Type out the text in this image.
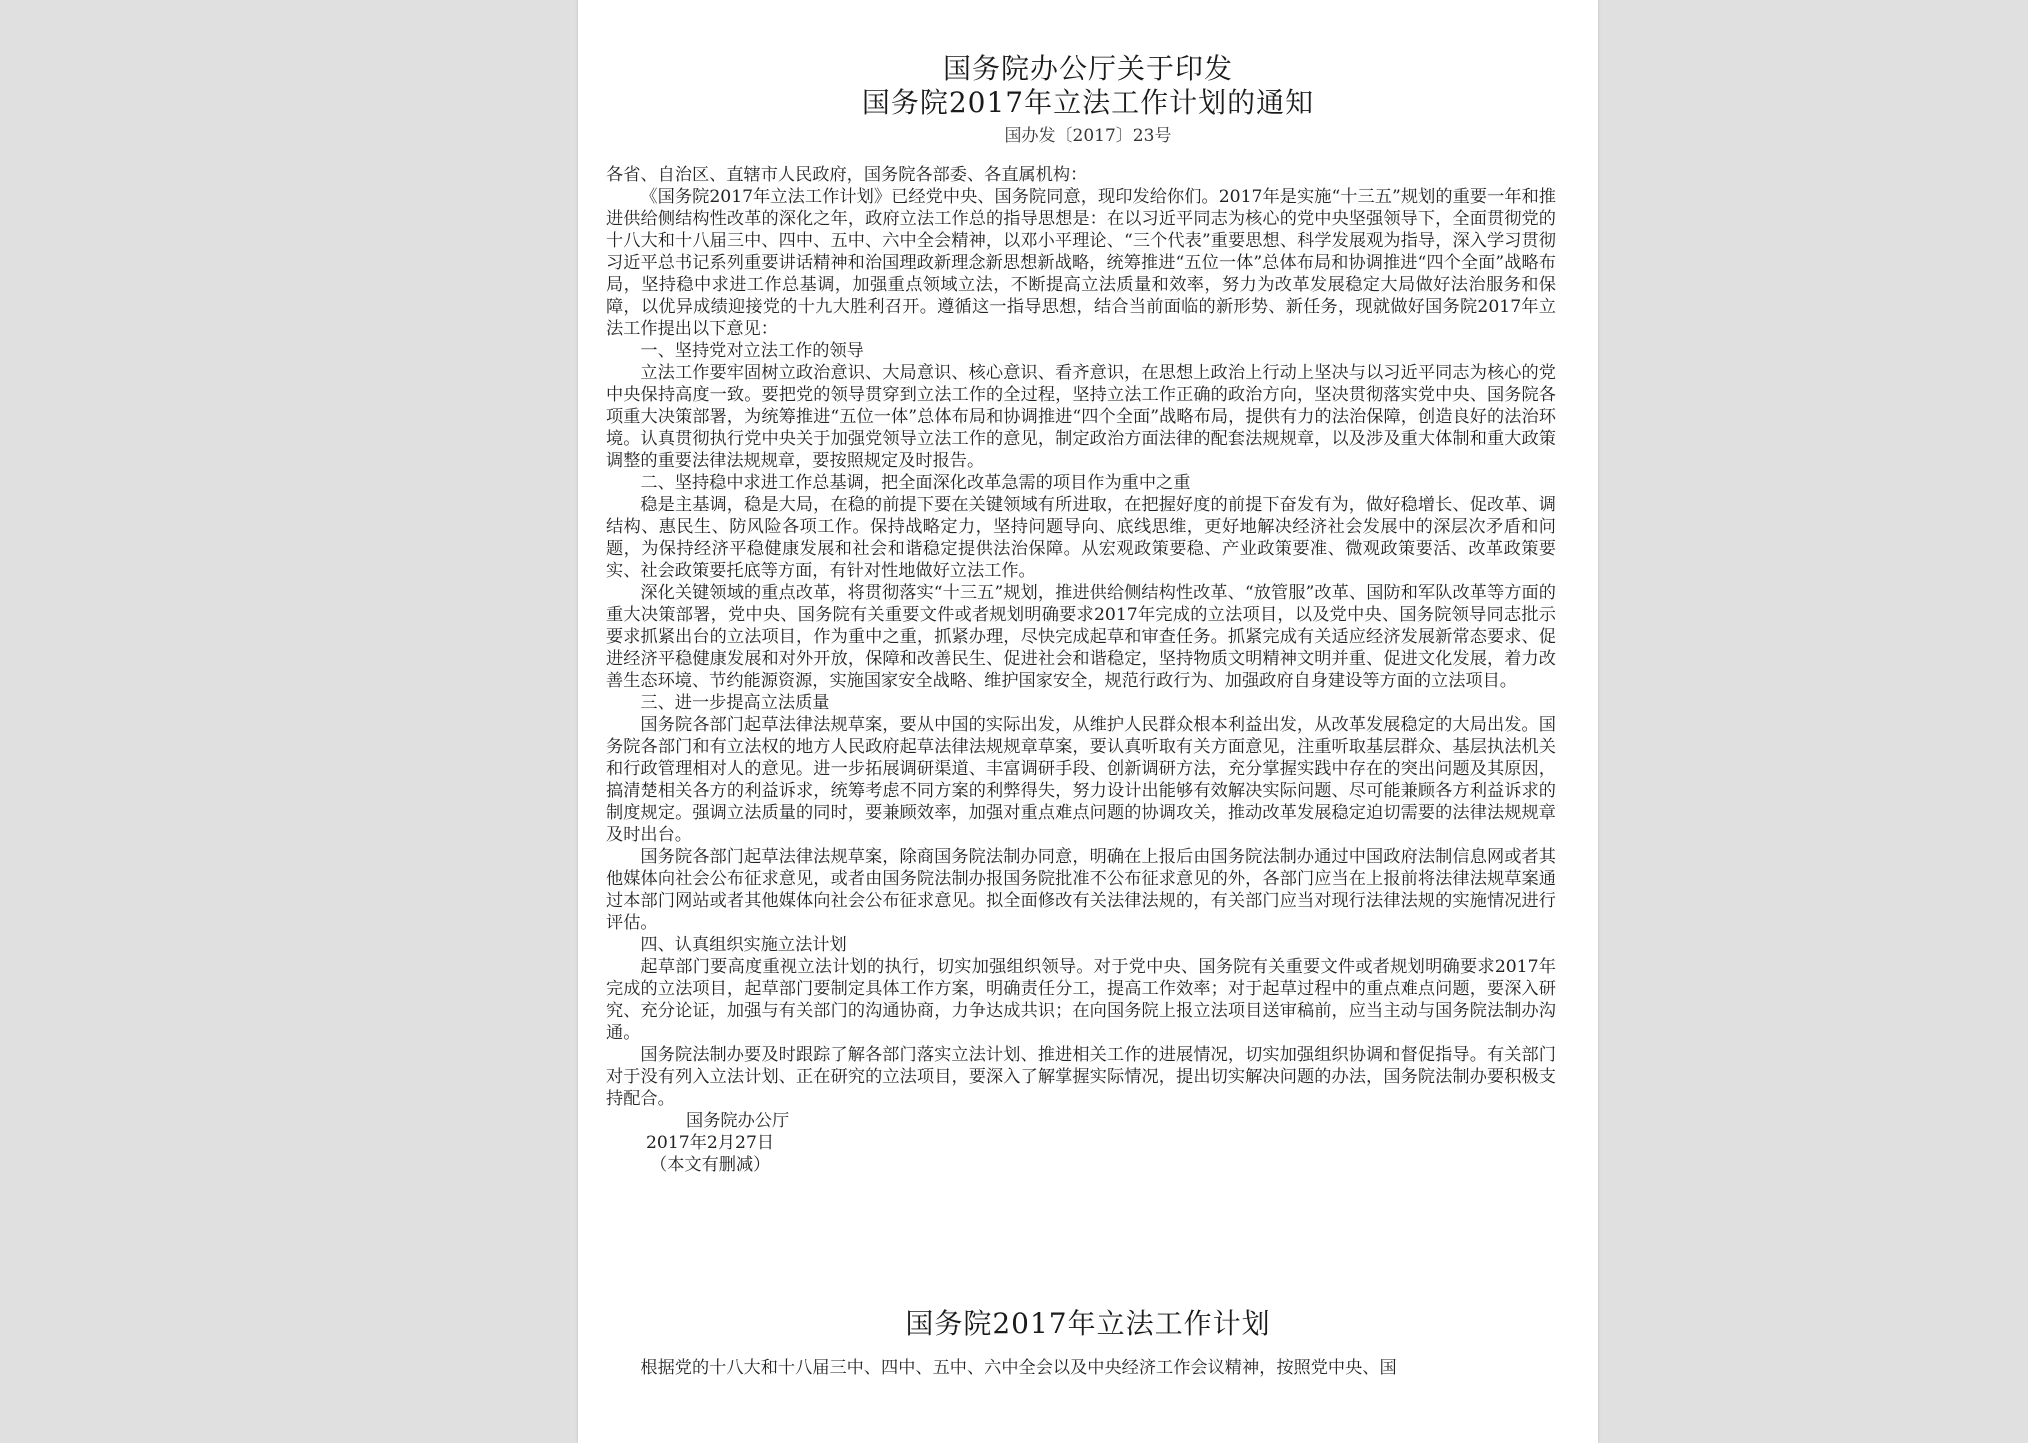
国务院办公厅关于印发
国务院2017年立法工作计划的通知
国办发〔2017〕23号

各省、自治区、直辖市人民政府，国务院各部委、各直属机构：

《国务院2017年立法工作计划》已经党中央、国务院同意，现印发给你们。2017年是实施“十三五”规划的重要一年和推进供给侧结构性改革的深化之年，政府立法工作总的指导思想是：在以习近平同志为核心的党中央坚强领导下，全面贯彻党的十八大和十八届三中、四中、五中、六中全会精神，以邓小平理论、“三个代表”重要思想、科学发展观为指导，深入学习贯彻习近平总书记系列重要讲话精神和治国理政新理念新思想新战略，统筹推进“五位一体”总体布局和协调推进“四个全面”战略布局，坚持稳中求进工作总基调，加强重点领域立法，不断提高立法质量和效率，努力为改革发展稳定大局做好法治服务和保障，以优异成绩迎接党的十九大胜利召开。遵循这一指导思想，结合当前面临的新形势、新任务，现就做好国务院2017年立法工作提出以下意见：

一、坚持党对立法工作的领导

立法工作要牢固树立政治意识、大局意识、核心意识、看齐意识，在思想上政治上行动上坚决与以习近平同志为核心的党中央保持高度一致。要把党的领导贯穿到立法工作的全过程，坚持立法工作正确的政治方向，坚决贯彻落实党中央、国务院各项重大决策部署，为统筹推进“五位一体”总体布局和协调推进“四个全面”战略布局，提供有力的法治保障，创造良好的法治环境。认真贯彻执行党中央关于加强党领导立法工作的意见，制定政治方面法律的配套法规规章，以及涉及重大体制和重大政策调整的重要法律法规规章，要按照规定及时报告。

二、坚持稳中求进工作总基调，把全面深化改革急需的项目作为重中之重

稳是主基调，稳是大局，在稳的前提下要在关键领域有所进取，在把握好度的前提下奋发有为，做好稳增长、促改革、调结构、惠民生、防风险各项工作。保持战略定力，坚持问题导向、底线思维，更好地解决经济社会发展中的深层次矛盾和问题，为保持经济平稳健康发展和社会和谐稳定提供法治保障。从宏观政策要稳、产业政策要准、微观政策要活、改革政策要实、社会政策要托底等方面，有针对性地做好立法工作。

深化关键领域的重点改革，将贯彻落实“十三五”规划，推进供给侧结构性改革、“放管服”改革、国防和军队改革等方面的重大决策部署，党中央、国务院有关重要文件或者规划明确要求2017年完成的立法项目，以及党中央、国务院领导同志批示要求抓紧出台的立法项目，作为重中之重，抓紧办理，尽快完成起草和审查任务。抓紧完成有关适应经济发展新常态要求、促进经济平稳健康发展和对外开放，保障和改善民生、促进社会和谐稳定，坚持物质文明精神文明并重、促进文化发展，着力改善生态环境、节约能源资源，实施国家安全战略、维护国家安全，规范行政行为、加强政府自身建设等方面的立法项目。

三、进一步提高立法质量

国务院各部门起草法律法规草案，要从中国的实际出发，从维护人民群众根本利益出发，从改革发展稳定的大局出发。国务院各部门和有立法权的地方人民政府起草法律法规规章草案，要认真听取有关方面意见，注重听取基层群众、基层执法机关和行政管理相对人的意见。进一步拓展调研渠道、丰富调研手段、创新调研方法，充分掌握实践中存在的突出问题及其原因，搞清楚相关各方的利益诉求，统筹考虑不同方案的利弊得失，努力设计出能够有效解决实际问题、尽可能兼顾各方利益诉求的制度规定。强调立法质量的同时，要兼顾效率，加强对重点难点问题的协调攻关，推动改革发展稳定迫切需要的法律法规规章及时出台。

国务院各部门起草法律法规草案，除商国务院法制办同意，明确在上报后由国务院法制办通过中国政府法制信息网或者其他媒体向社会公布征求意见，或者由国务院法制办报国务院批准不公布征求意见的外，各部门应当在上报前将法律法规草案通过本部门网站或者其他媒体向社会公布征求意见。拟全面修改有关法律法规的，有关部门应当对现行法律法规的实施情况进行评估。

四、认真组织实施立法计划

起草部门要高度重视立法计划的执行，切实加强组织领导。对于党中央、国务院有关重要文件或者规划明确要求2017年完成的立法项目，起草部门要制定具体工作方案，明确责任分工，提高工作效率；对于起草过程中的重点难点问题，要深入研究、充分论证，加强与有关部门的沟通协商，力争达成共识；在向国务院上报立法项目送审稿前，应当主动与国务院法制办沟通。

国务院法制办要及时跟踪了解各部门落实立法计划、推进相关工作的进展情况，切实加强组织协调和督促指导。有关部门对于没有列入立法计划、正在研究的立法项目，要深入了解掌握实际情况，提出切实解决问题的办法，国务院法制办要积极支持配合。

国务院办公厅

2017年2月27日

（本文有删减）

国务院2017年立法工作计划
根据党的十八大和十八届三中、四中、五中、六中全会以及中央经济工作会议精神，按照党中央、国
